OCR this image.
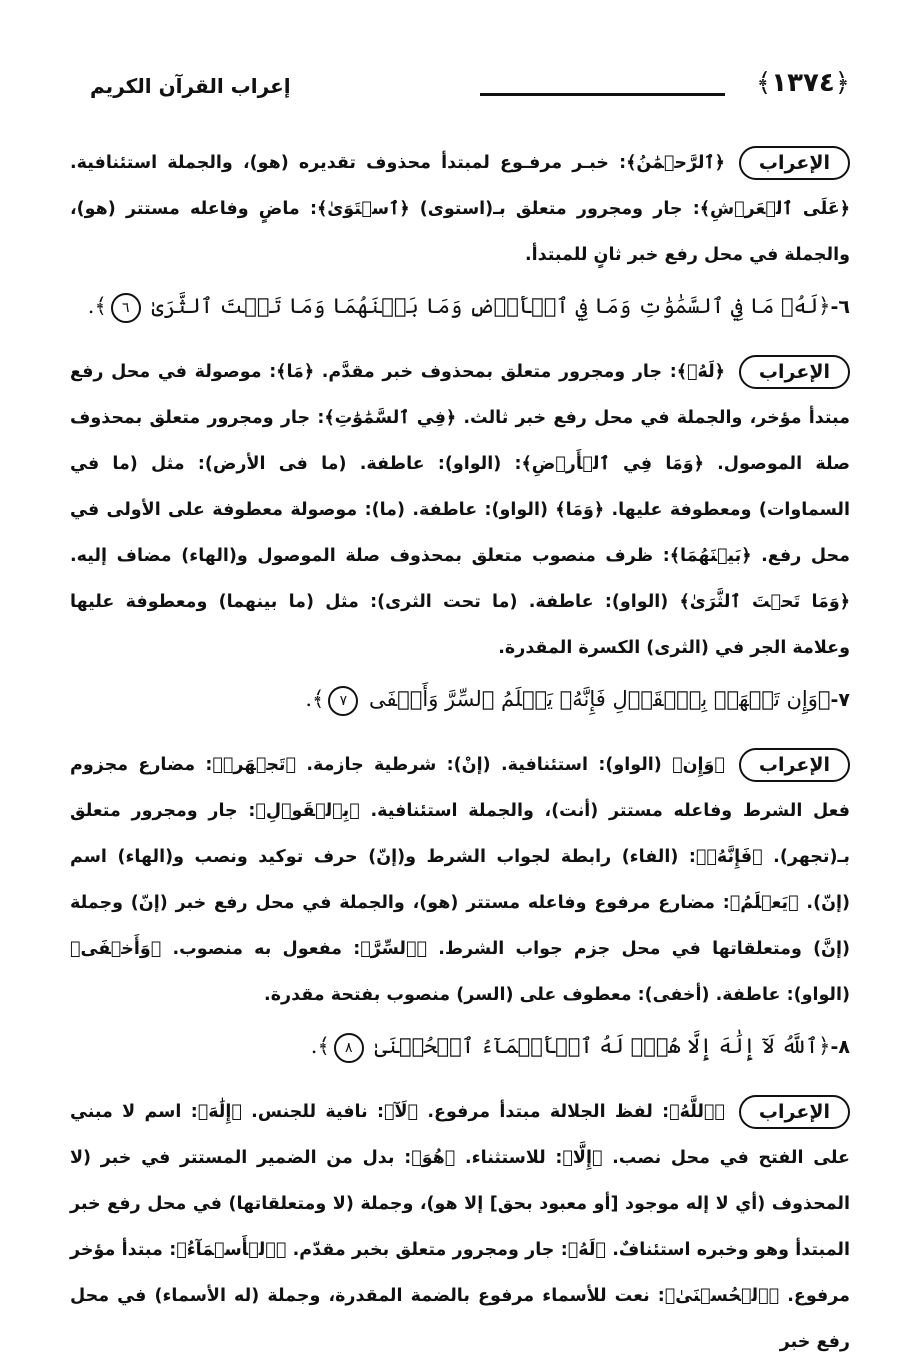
﴿١٣٧٤﴾
إعراب القرآن الكريم

الإعراب﴿ٱلرَّحۡمَٰنُ﴾: خبـر مرفـوع لمبتدأ محذوف تقديره (هو)، والجملة استئنافية. ﴿عَلَى ٱلۡعَرۡشِ﴾: جار ومجرور متعلق بـ(استوى) ﴿ٱسۡتَوَىٰ﴾: ماضٍ وفاعله مستتر (هو)، والجملة في محل رفع خبر ثانٍ للمبتدأ.

٦-﴿لَهُۥ مَا فِي ٱلسَّمَٰوَٰتِ وَمَا فِي ٱلۡأَرۡضِ وَمَا بَيۡنَهُمَا وَمَا تَحۡتَ ٱلثَّرَىٰ ٦﴾.

الإعراب﴿لَهُۥ﴾: جار ومجرور متعلق بمحذوف خبر مقدَّم. ﴿مَا﴾: موصولة في محل رفع مبتدأ مؤخر، والجملة في محل رفع خبر ثالث. ﴿فِي ٱلسَّمَٰوَٰتِ﴾: جار ومجرور متعلق بمحذوف صلة الموصول. ﴿وَمَا فِي ٱلۡأَرۡضِ﴾: (الواو): عاطفة. (ما فى الأرض): مثل (ما في السماوات) ومعطوفة عليها. ﴿وَمَا﴾ (الواو): عاطفة. (ما): موصولة معطوفة على الأولى في محل رفع. ﴿بَيۡنَهُمَا﴾: ظرف منصوب متعلق بمحذوف صلة الموصول و(الهاء) مضاف إليه. ﴿وَمَا تَحۡتَ ٱلثَّرَىٰ﴾ (الواو): عاطفة. (ما تحت الثرى): مثل (ما بينهما) ومعطوفة عليها وعلامة الجر في (الثرى) الكسرة المقدرة.

٧-﴿وَإِن تَجۡهَرۡ بِٱلۡقَوۡلِ فَإِنَّهُۥ يَعۡلَمُ ٱلسِّرَّ وَأَخۡفَى ٧﴾.

الإعراب﴿وَإِن﴾ (الواو): استئنافية. (إنْ): شرطية جازمة. ﴿تَجۡهَرۡ﴾: مضارع مجزوم فعل الشرط وفاعله مستتر (أنت)، والجملة استئنافية. ﴿بِٱلۡقَوۡلِ﴾: جار ومجرور متعلق بـ(تجهر). ﴿فَإِنَّهُۥ﴾: (الفاء) رابطة لجواب الشرط و(إنّ) حرف توكيد ونصب و(الهاء) اسم (إنّ). ﴿يَعۡلَمُ﴾: مضارع مرفوع وفاعله مستتر (هو)، والجملة في محل رفع خبر (إنّ) وجملة (إنَّ) ومتعلقاتها في محل جزم جواب الشرط. ﴿ٱلسِّرَّ﴾: مفعول به منصوب. ﴿وَأَخۡفَى﴾ (الواو): عاطفة. (أخفى): معطوف على (السر) منصوب بفتحة مقدرة.

٨-﴿ٱللَّهُ لَآ إِلَٰهَ إِلَّا هُوَۖ لَهُ ٱلۡأَسۡمَآءُ ٱلۡحُسۡنَىٰ ٨﴾.

الإعراب﴿ٱللَّهُ﴾: لفظ الجلالة مبتدأ مرفوع. ﴿لَآ﴾: نافية للجنس. ﴿إِلَٰهَ﴾: اسم لا مبني على الفتح في محل نصب. ﴿إِلَّا﴾: للاستثناء. ﴿هُوَ﴾: بدل من الضمير المستتر في خبر (لا المحذوف (أي لا إله موجود [أو معبود بحق] إلا هو)، وجملة (لا ومتعلقاتها) في محل رفع خبر المبتدأ وهو وخبره استئنافٌ. ﴿لَهُ﴾: جار ومجرور متعلق بخبر مقدّم. ﴿ٱلۡأَسۡمَآءُ﴾: مبتدأ مؤخر مرفوع. ﴿ٱلۡحُسۡنَىٰ﴾: نعت للأسماء مرفوع بالضمة المقدرة، وجملة (له الأسماء) في محل رفع خبر
